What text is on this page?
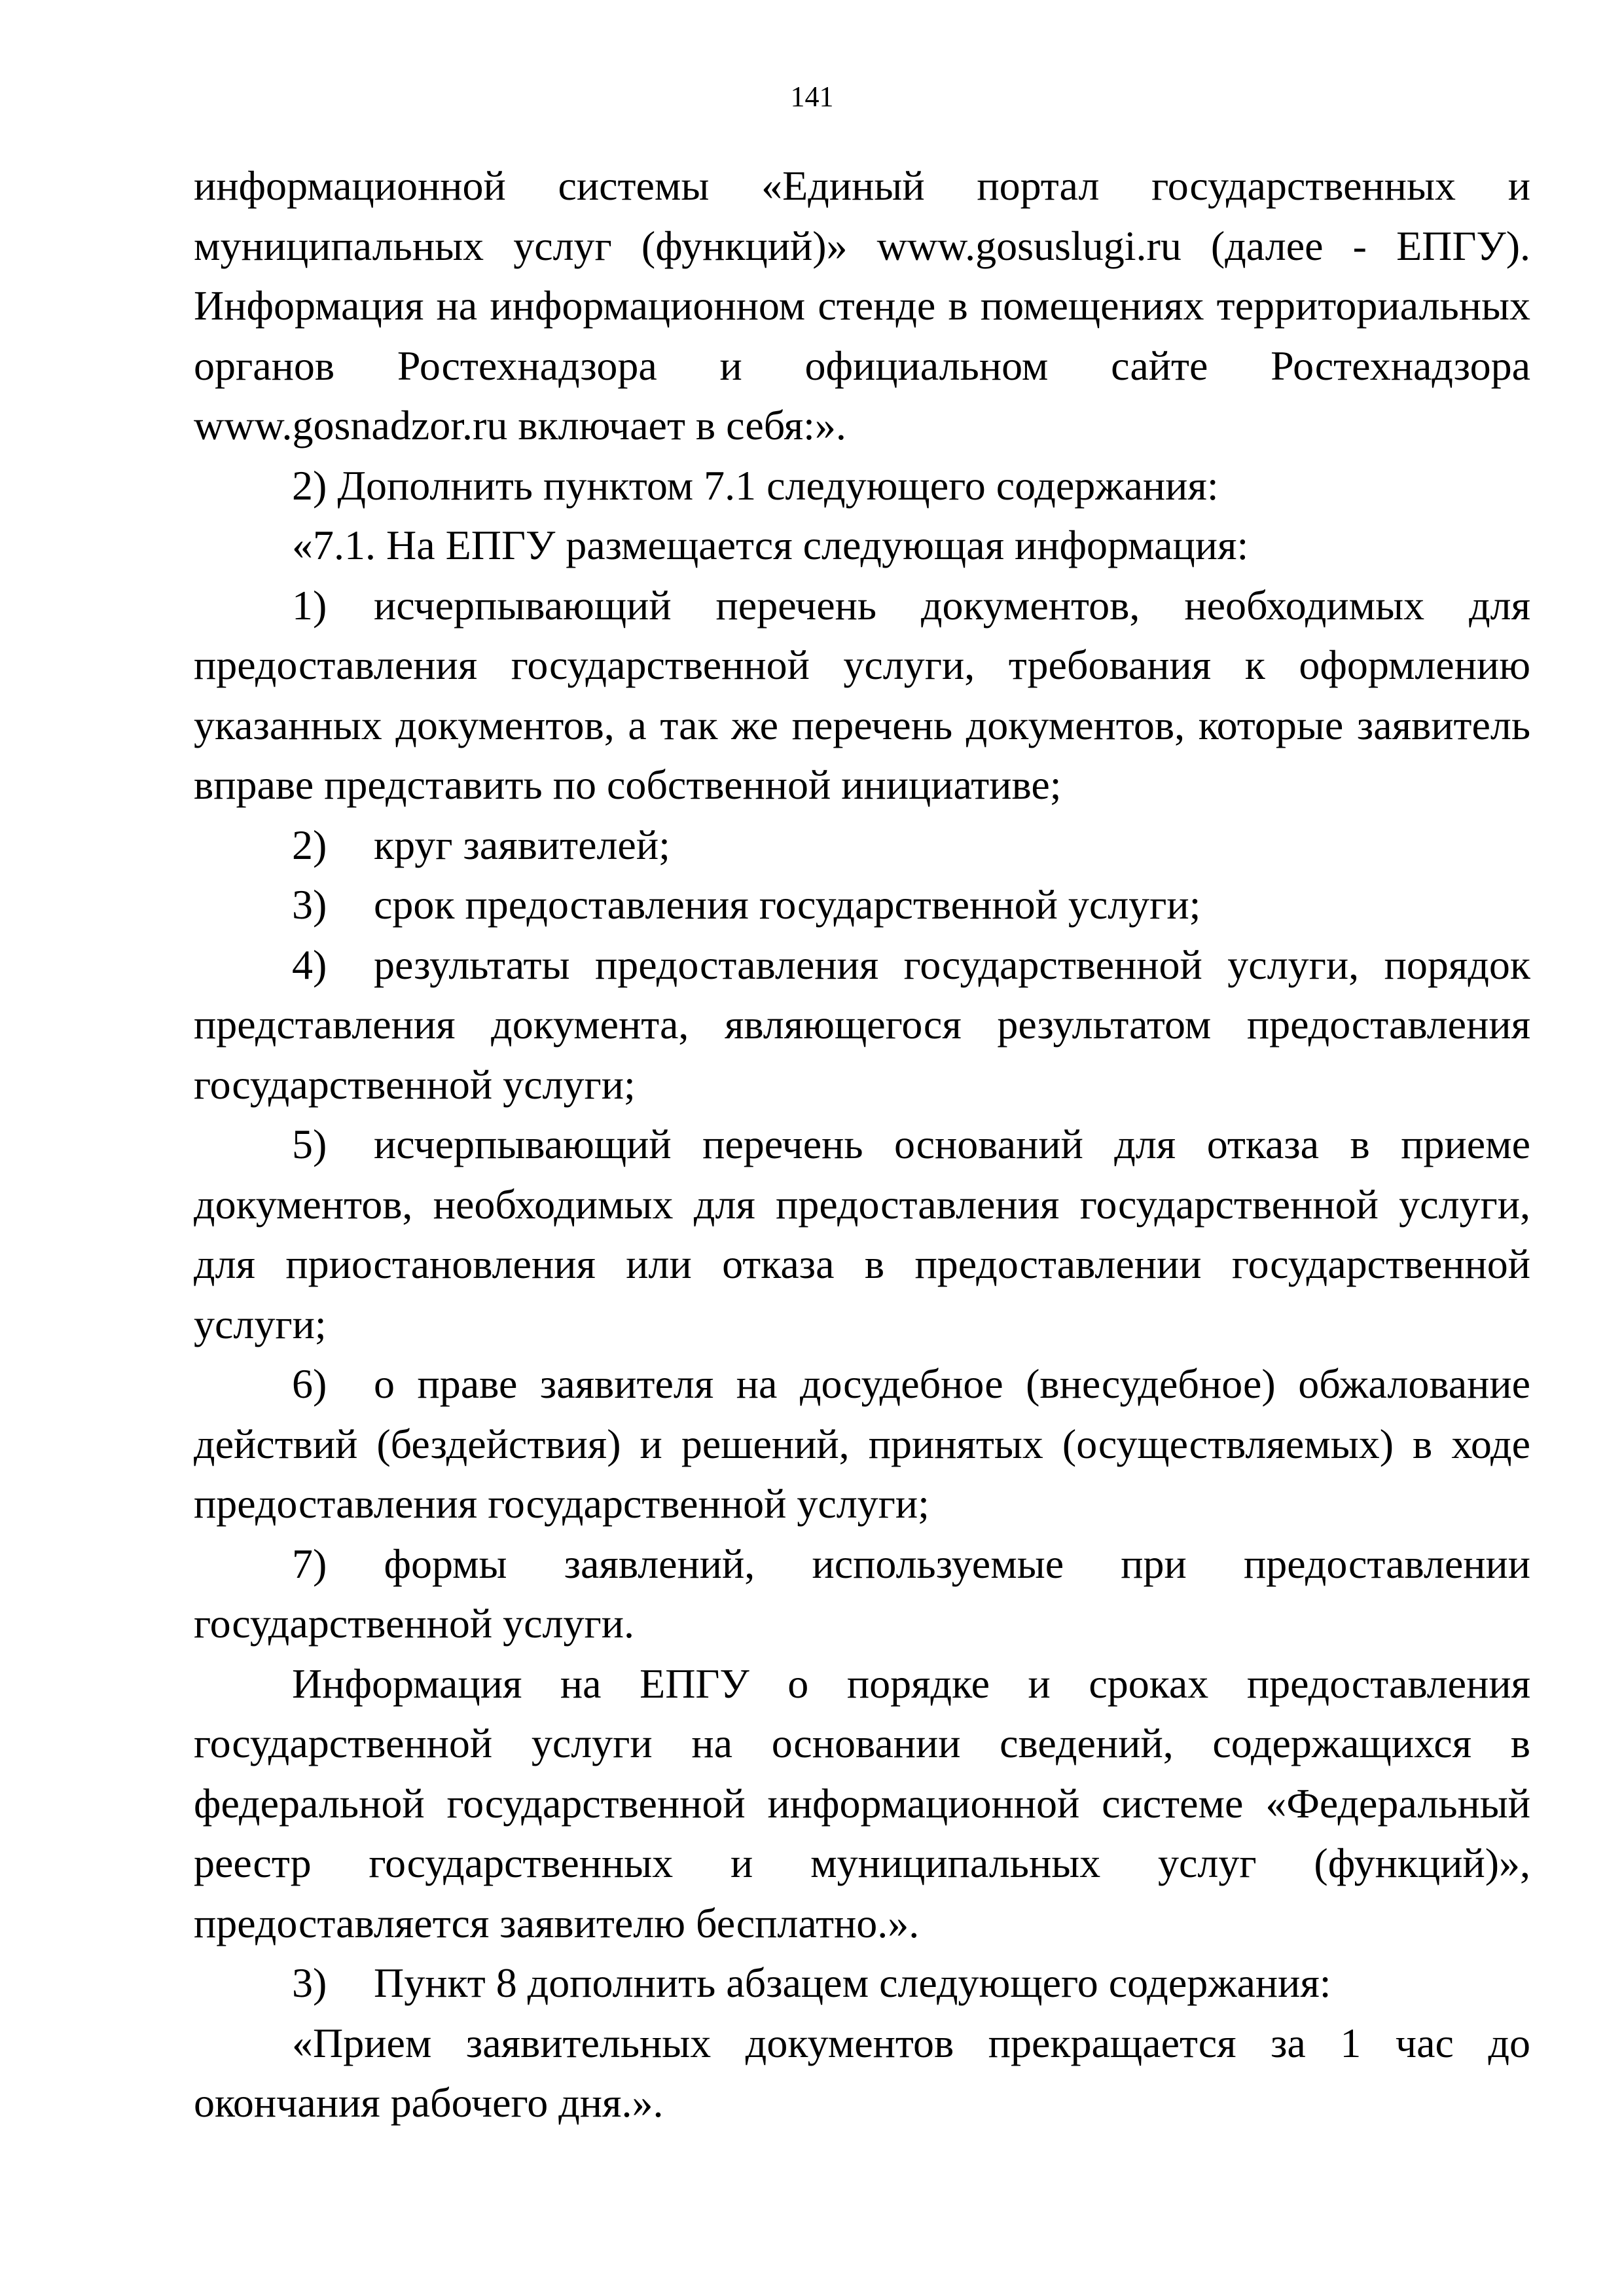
141

информационной системы «Единый портал государственных и муниципальных услуг (функций)» www.gosuslugi.ru (далее - ЕПГУ). Информация на информационном стенде в помещениях территориальных органов Ростехнадзора и официальном сайте Ростехнадзора www.gosnadzor.ru включает в себя:».

2) Дополнить пунктом 7.1 следующего содержания:

«7.1. На ЕПГУ размещается следующая информация:

1) исчерпывающий перечень документов, необходимых для предоставления государственной услуги, требования к оформлению указанных документов, а так же перечень документов, которые заявитель вправе представить по собственной инициативе;

2) круг заявителей;

3) срок предоставления государственной услуги;

4) результаты предоставления государственной услуги, порядок представления документа, являющегося результатом предоставления государственной услуги;

5) исчерпывающий перечень оснований для отказа в приеме документов, необходимых для предоставления государственной услуги, для приостановления или отказа в предоставлении государственной услуги;

6) о праве заявителя на досудебное (внесудебное) обжалование действий (бездействия) и решений, принятых (осуществляемых) в ходе предоставления государственной услуги;

7) формы заявлений, используемые при предоставлении государственной услуги.

Информация на ЕПГУ о порядке и сроках предоставления государственной услуги на основании сведений, содержащихся в федеральной государственной информационной системе «Федеральный реестр государственных и муниципальных услуг (функций)», предоставляется заявителю бесплатно.».

3) Пункт 8 дополнить абзацем следующего содержания:

«Прием заявительных документов прекращается за 1 час до окончания рабочего дня.».
